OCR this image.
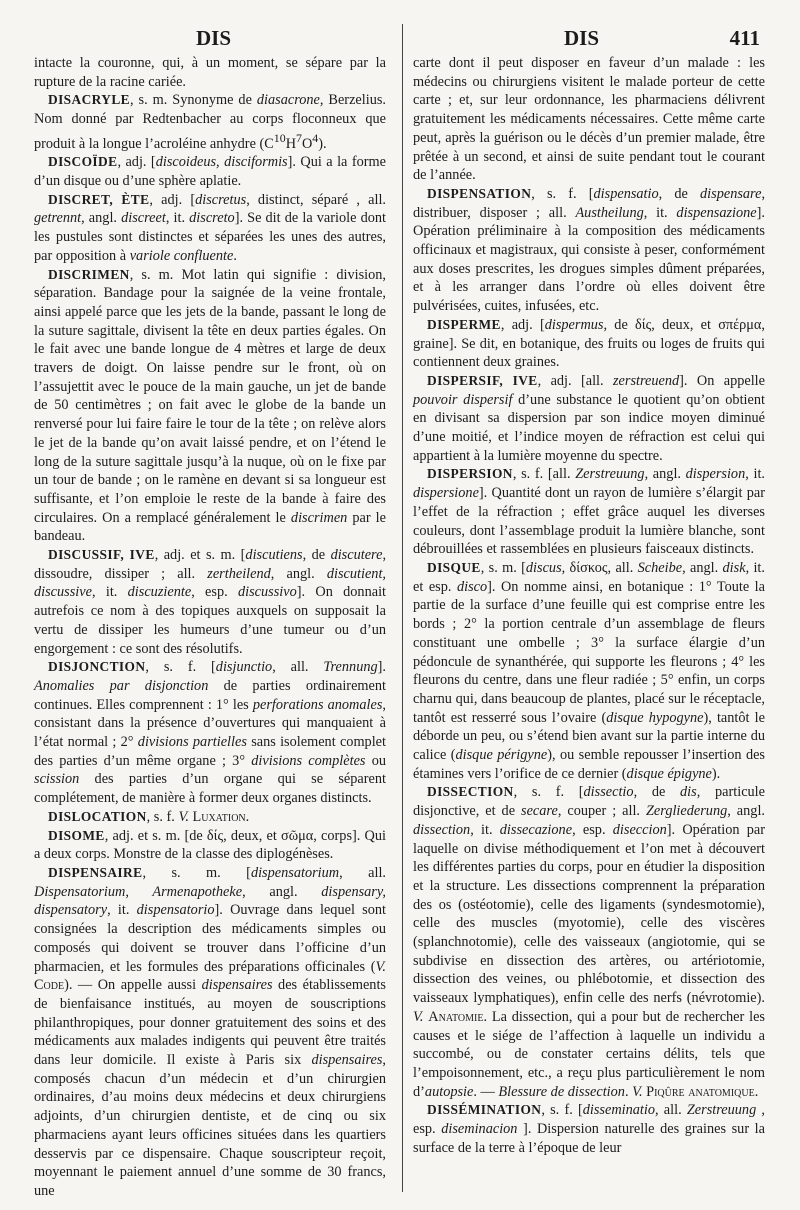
DIS	DIS	411

intacte la couronne, qui, à un moment, se sépare par la rupture de la racine cariée.

DISACRYLE, s. m. Synonyme de diasacrone, Berzelius. Nom donné par Redtenbacher au corps floconneux que produit à la longue l’acroléine anhydre $(C^{10}H^7O^4)$.

DISCOÏDE, adj. [discoideus, disciformis]. Qui a la forme d’un disque ou d’une sphère aplatie.

DISCRET, ÈTE, adj. [discretus, distinct, séparé , all. getrennt, angl. discreet, it. discreto]. Se dit de la variole dont les pustules sont distinctes et séparées les unes des autres, par opposition à variole confluente.

DISCRIMEN, s. m. Mot latin qui signifie : division, séparation. Bandage pour la saignée de la veine frontale, ainsi appelé parce que les jets de la bande, passant le long de la suture sagittale, divisent la tête en deux parties égales. On le fait avec une bande longue de 4 mètres et large de deux travers de doigt. On laisse pendre sur le front, où on l’assujettit avec le pouce de la main gauche, un jet de bande de 50 centimètres ; on fait avec le globe de la bande un renversé pour lui faire faire le tour de la tête ; on relève alors le jet de la bande qu’on avait laissé pendre, et on l’étend le long de la suture sagittale jusqu’à la nuque, où on le fixe par un tour de bande ; on le ramène en devant si sa longueur est suffisante, et l’on emploie le reste de la bande à faire des circulaires. On a remplacé généralement le discrimen par le bandeau.

DISCUSSIF, IVE, adj. et s. m. [discutiens, de discutere, dissoudre, dissiper ; all. zertheilend, angl. discutient, discussive, it. discuziente, esp. discussivo]. On donnait autrefois ce nom à des topiques auxquels on supposait la vertu de dissiper les humeurs d’une tumeur ou d’un engorgement : ce sont des résolutifs.

DISJONCTION, s. f. [disjunctio, all. Trennung]. Anomalies par disjonction de parties ordinairement continues. Elles comprennent : 1° les perforations anomales, consistant dans la présence d’ouvertures qui manquaient à l’état normal ; 2° divisions partielles sans isolement complet des parties d’un même organe ; 3° divisions complètes ou scission des parties d’un organe qui se séparent complétement, de manière à former deux organes distincts.

DISLOCATION, s. f. V. Luxation.

DISOME, adj. et s. m. [de δίς, deux, et σῶμα, corps]. Qui a deux corps. Monstre de la classe des diplogénèses.

DISPENSAIRE, s. m. [dispensatorium, all. Dispensatorium, Armenapotheke, angl. dispensary, dispensatory, it. dispensatorio]. Ouvrage dans lequel sont consignées la description des médicaments simples ou composés qui doivent se trouver dans l’officine d’un pharmacien, et les formules des préparations officinales (V. Code). — On appelle aussi dispensaires des établissements de bienfaisance institués, au moyen de souscriptions philanthropiques, pour donner gratuitement des soins et des médicaments aux malades indigents qui peuvent être traités dans leur domicile. Il existe à Paris six dispensaires, composés chacun d’un médecin et d’un chirurgien ordinaires, d’au moins deux médecins et deux chirurgiens adjoints, d’un chirurgien dentiste, et de cinq ou six pharmaciens ayant leurs officines situées dans les quartiers desservis par ce dispensaire. Chaque souscripteur reçoit, moyennant le paiement annuel d’une somme de 30 francs, une

carte dont il peut disposer en faveur d’un malade : les médecins ou chirurgiens visitent le malade porteur de cette carte ; et, sur leur ordonnance, les pharmaciens délivrent gratuitement les médicaments nécessaires. Cette même carte peut, après la guérison ou le décès d’un premier malade, être prêtée à un second, et ainsi de suite pendant tout le courant de l’année.

DISPENSATION, s. f. [dispensatio, de dispensare, distribuer, disposer ; all. Austheilung, it. dispensazione]. Opération préliminaire à la composition des médicaments officinaux et magistraux, qui consiste à peser, conformément aux doses prescrites, les drogues simples dûment préparées, et à les arranger dans l’ordre où elles doivent être pulvérisées, cuites, infusées, etc.

DISPERME, adj. [dispermus, de δίς, deux, et σπέρμα, graine]. Se dit, en botanique, des fruits ou loges de fruits qui contiennent deux graines.

DISPERSIF, IVE, adj. [all. zerstreuend]. On appelle pouvoir dispersif d’une substance le quotient qu’on obtient en divisant sa dispersion par son indice moyen diminué d’une moitié, et l’indice moyen de réfraction est celui qui appartient à la lumière moyenne du spectre.

DISPERSION, s. f. [all. Zerstreuung, angl. dispersion, it. dispersione]. Quantité dont un rayon de lumière s’élargit par l’effet de la réfraction ; effet grâce auquel les diverses couleurs, dont l’assemblage produit la lumière blanche, sont débrouillées et rassemblées en plusieurs faisceaux distincts.

DISQUE, s. m. [discus, δίσκος, all. Scheibe, angl. disk, it. et esp. disco]. On nomme ainsi, en botanique : 1° Toute la partie de la surface d’une feuille qui est comprise entre les bords ; 2° la portion centrale d’un assemblage de fleurs constituant une ombelle ; 3° la surface élargie d’un pédoncule de synanthérée, qui supporte les fleurons ; 4° les fleurons du centre, dans une fleur radiée ; 5° enfin, un corps charnu qui, dans beaucoup de plantes, placé sur le réceptacle, tantôt est resserré sous l’ovaire (disque hypogyne), tantôt le déborde un peu, ou s’étend bien avant sur la partie interne du calice (disque périgyne), ou semble repousser l’insertion des étamines vers l’orifice de ce dernier (disque épigyne).

DISSECTION, s. f. [dissectio, de dis, particule disjonctive, et de secare, couper ; all. Zergliederung, angl. dissection, it. dissecazione, esp. diseccion]. Opération par laquelle on divise méthodiquement et l’on met à découvert les différentes parties du corps, pour en étudier la disposition et la structure. Les dissections comprennent la préparation des os (ostéotomie), celle des ligaments (syndesmotomie), celle des muscles (myotomie), celle des viscères (splanchnotomie), celle des vaisseaux (angiotomie, qui se subdivise en dissection des artères, ou artériotomie, dissection des veines, ou phlébotomie, et dissection des vaisseaux lymphatiques), enfin celle des nerfs (névrotomie). V. Anatomie. La dissection, qui a pour but de rechercher les causes et le siége de l’affection à laquelle un individu a succombé, ou de constater certains délits, tels que l’empoisonnement, etc., a reçu plus particulièrement le nom d’autopsie. — Blessure de dissection. V. Piqûre anatomique.

DISSÉMINATION, s. f. [disseminatio, all. Zerstreuung , esp. diseminacion ]. Dispersion naturelle des graines sur la surface de la terre à l’époque de leur
